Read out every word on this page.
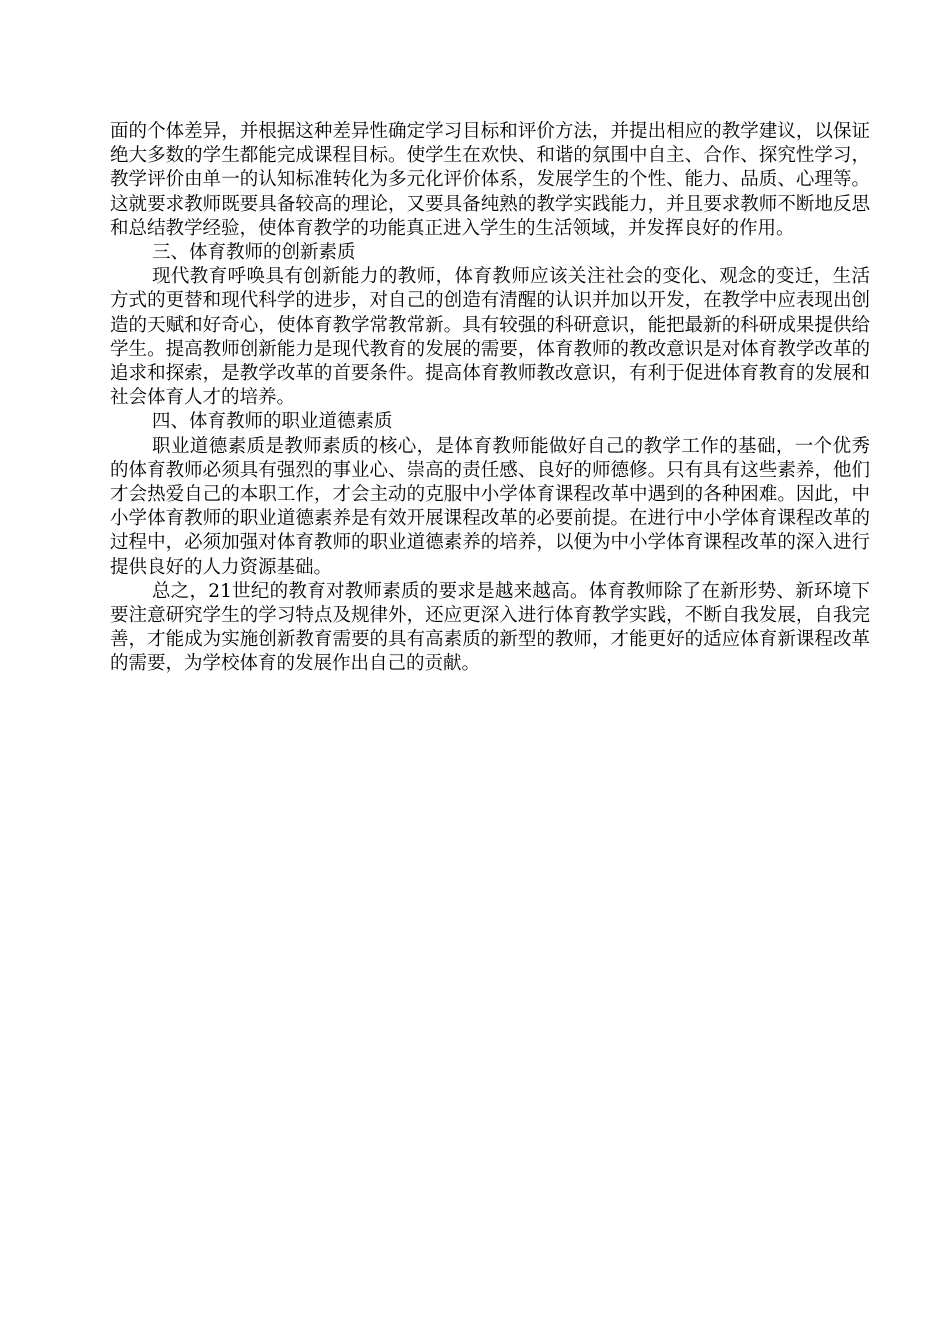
面的个体差异，并根据这种差异性确定学习目标和评价方法，并提出相应的教学建议，以保证绝大多数的学生都能完成课程目标。使学生在欢快、和谐的氛围中自主、合作、探究性学习，教学评价由单一的认知标准转化为多元化评价体系，发展学生的个性、能力、品质、心理等。这就要求教师既要具备较高的理论，又要具备纯熟的教学实践能力，并且要求教师不断地反思和总结教学经验，使体育教学的功能真正进入学生的生活领域，并发挥良好的作用。

三、体育教师的创新素质

现代教育呼唤具有创新能力的教师，体育教师应该关注社会的变化、观念的变迁，生活方式的更替和现代科学的进步，对自己的创造有清醒的认识并加以开发，在教学中应表现出创造的天赋和好奇心，使体育教学常教常新。具有较强的科研意识，能把最新的科研成果提供给学生。提高教师创新能力是现代教育的发展的需要，体育教师的教改意识是对体育教学改革的追求和探索，是教学改革的首要条件。提高体育教师教改意识，有利于促进体育教育的发展和社会体育人才的培养。

四、体育教师的职业道德素质

职业道德素质是教师素质的核心，是体育教师能做好自己的教学工作的基础，一个优秀的体育教师必须具有强烈的事业心、崇高的责任感、良好的师德修。只有具有这些素养，他们才会热爱自己的本职工作，才会主动的克服中小学体育课程改革中遇到的各种困难。因此，中小学体育教师的职业道德素养是有效开展课程改革的必要前提。在进行中小学体育课程改革的过程中，必须加强对体育教师的职业道德素养的培养，以便为中小学体育课程改革的深入进行提供良好的人力资源基础。

总之，21世纪的教育对教师素质的要求是越来越高。体育教师除了在新形势、新环境下要注意研究学生的学习特点及规律外，还应更深入进行体育教学实践，不断自我发展，自我完善，才能成为实施创新教育需要的具有高素质的新型的教师，才能更好的适应体育新课程改革的需要，为学校体育的发展作出自己的贡献。
